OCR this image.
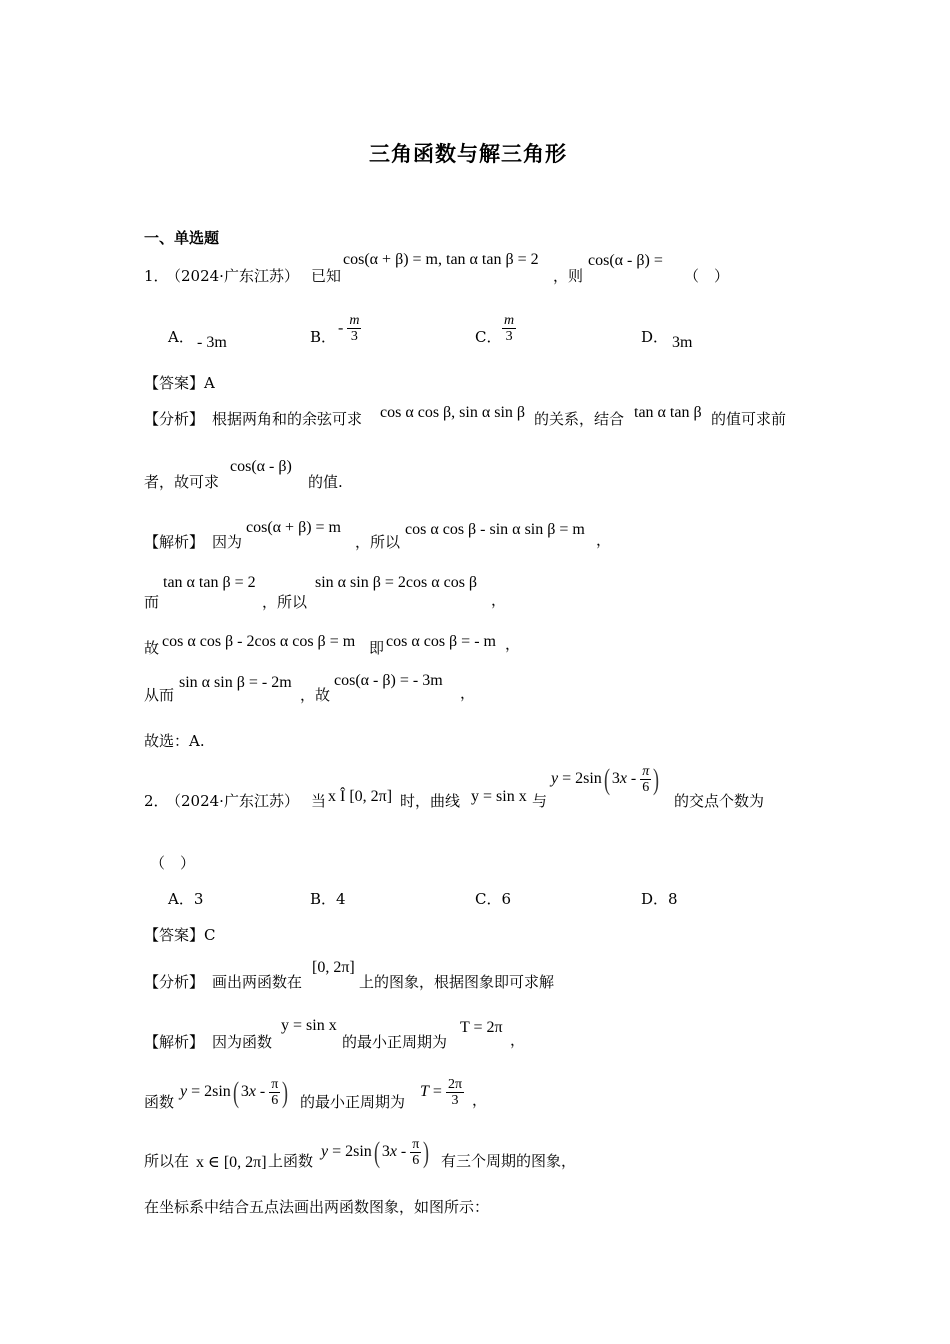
三角函数与解三角形
一、单选题
1．
（2024·广东江苏） 已知
cos(α + β) = m, tan α tan β = 2
，则
cos(α - β) =
（　）
A． - 3m	B． - $\frac{m}{3}$	C． $\frac{m}{3}$	D． 3m
【答案】A
【分析】 根据两角和的余弦可求 cos α cos β, sin α sin β 的关系，结合 tan α tan β 的值可求前
者，故可求
cos(α - β)
的值.
【解析】 因为
cos(α + β) = m
，所以
cos α cos β - sin α sin β = m
，
而
tan α tan β = 2
，所以
sin α sin β = 2cos α cos β
，
故 cos α cos β - 2cos α cos β = m 即 cos α cos β = - m ，
从而
sin α sin β = - 2m
，故
cos(α - β) = - 3m
，
故选：A.
2．
（2024·广东江苏） 当 x Î [0, 2π] 时，曲线 y = sin x 与
y = 2sin( $3x - \frac{\pi}{6}$ )
的交点个数为
（　）
A．3	B．4	C．6	D．8
【答案】C
【分析】 画出两函数在
[0, 2π]
上的图象，根据图象即可求解
【解析】 因为函数
y = sin x
的最小正周期为
T = 2π
，
函数
y = 2sin( $3x - \frac{\pi}{6}$ ) 的最小正周期为
$T = \frac{2\pi}{3}$ ，
所以在 x ∈ [0, 2π] 上函数
y = 2sin( $3x - \frac{\pi}{6}$ ) 有三个周期的图象，
在坐标系中结合五点法画出两函数图象，如图所示：
